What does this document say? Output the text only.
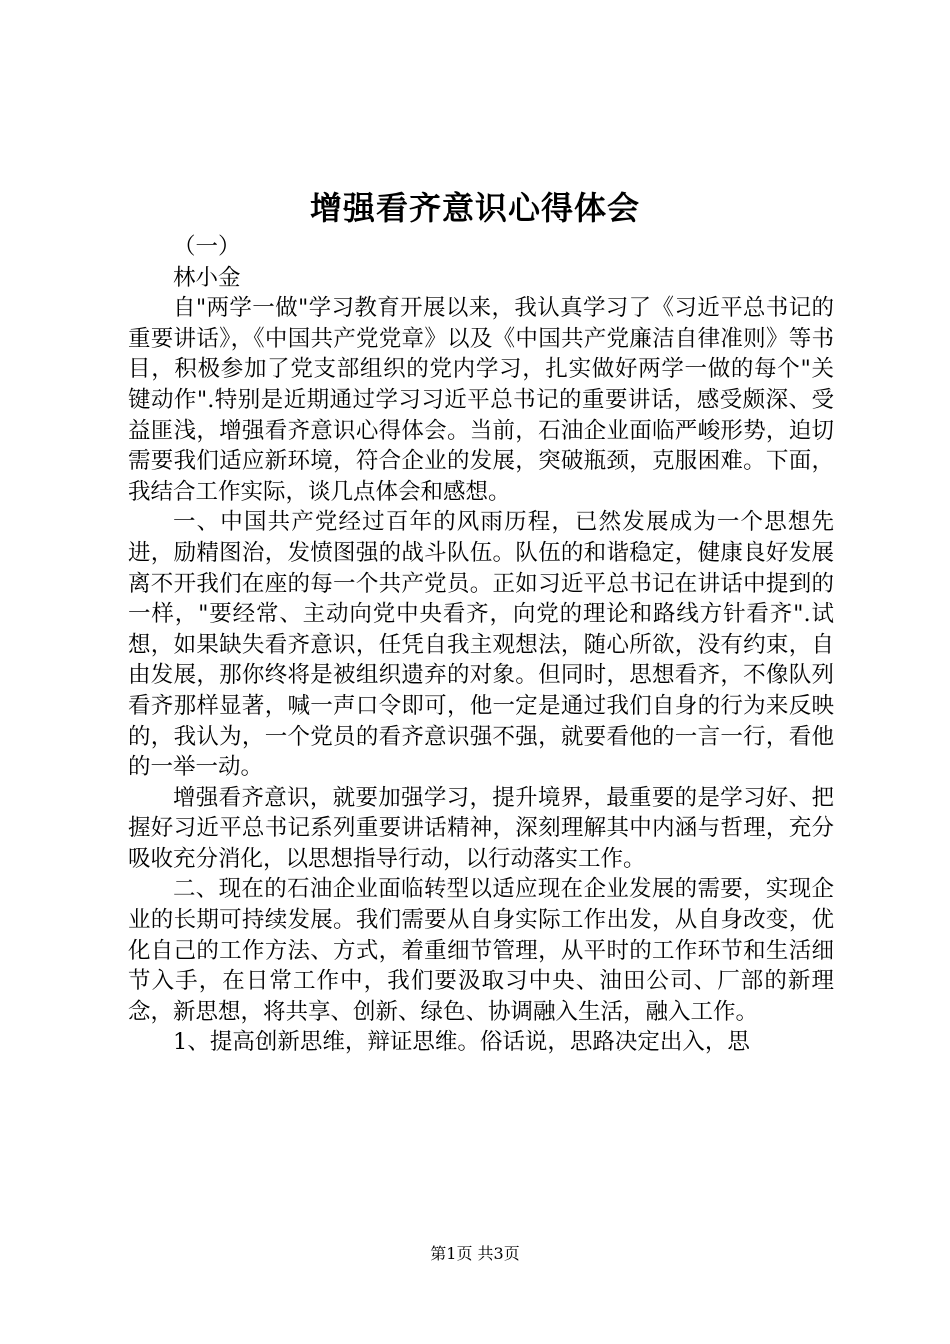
增强看齐意识心得体会

（一）

林小金

自"两学一做"学习教育开展以来，我认真学习了《习近平总书记的重要讲话》，《中国共产党党章》以及《中国共产党廉洁自律准则》等书目，积极参加了党支部组织的党内学习，扎实做好两学一做的每个"关键动作".特别是近期通过学习习近平总书记的重要讲话，感受颇深、受益匪浅，增强看齐意识心得体会。当前，石油企业面临严峻形势，迫切需要我们适应新环境，符合企业的发展，突破瓶颈，克服困难。下面，我结合工作实际，谈几点体会和感想。

一、中国共产党经过百年的风雨历程，已然发展成为一个思想先进，励精图治，发愤图强的战斗队伍。队伍的和谐稳定，健康良好发展离不开我们在座的每一个共产党员。正如习近平总书记在讲话中提到的一样，"要经常、主动向党中央看齐，向党的理论和路线方针看齐".试想，如果缺失看齐意识，任凭自我主观想法，随心所欲，没有约束，自由发展，那你终将是被组织遗弃的对象。但同时，思想看齐，不像队列看齐那样显著，喊一声口令即可，他一定是通过我们自身的行为来反映的，我认为，一个党员的看齐意识强不强，就要看他的一言一行，看他的一举一动。

增强看齐意识，就要加强学习，提升境界，最重要的是学习好、把握好习近平总书记系列重要讲话精神，深刻理解其中内涵与哲理，充分吸收充分消化，以思想指导行动，以行动落实工作。

二、现在的石油企业面临转型以适应现在企业发展的需要，实现企业的长期可持续发展。我们需要从自身实际工作出发，从自身改变，优化自己的工作方法、方式，着重细节管理，从平时的工作环节和生活细节入手，在日常工作中，我们要汲取习中央、油田公司、厂部的新理念，新思想，将共享、创新、绿色、协调融入生活，融入工作。

1、提高创新思维，辩证思维。俗话说，思路决定出入，思

第1页 共3页
